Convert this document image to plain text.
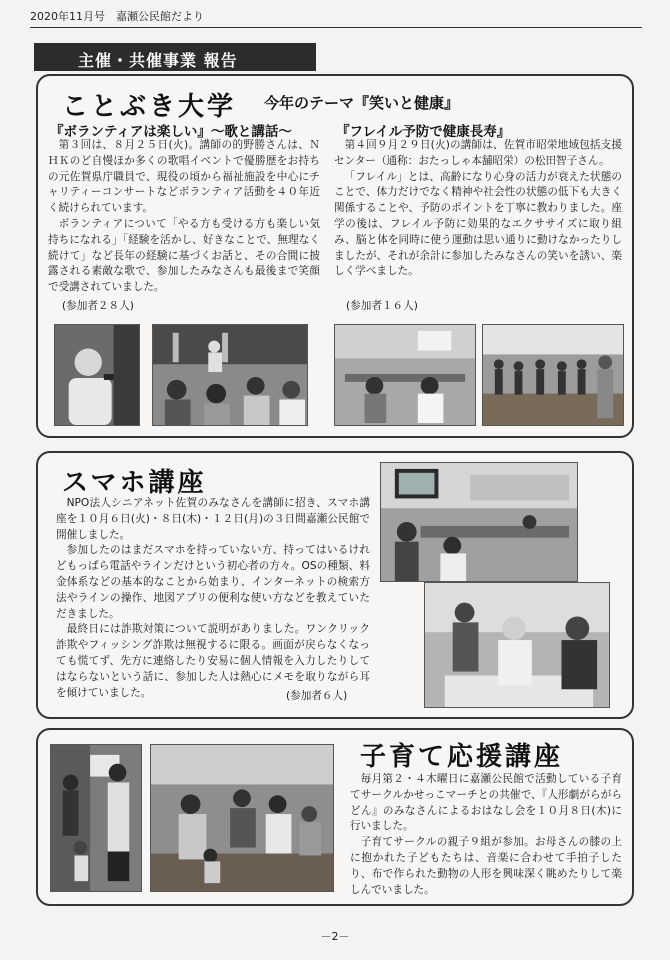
2020年11月号　嘉瀬公民館だより
主催・共催事業 報告
ことぶき大学 今年のテーマ『笑いと健康』
『ボランティアは楽しい』～歌と講話～

第３回は、８月２５日(火)。講師の的野勝さんは、ＮＨＫのど自慢ほか多くの歌唱イベントで優勝歴をお持ちの元佐賀県庁職員で、現役の頃から福祉施設を中心にチャリティーコンサートなどボランティア活動を４０年近く続けられています。

ボランティアについて「やる方も受ける方も楽しい気持ちになれる」「経験を活かし、好きなことで、無理なく続けて」など長年の経験に基づくお話と、その合間に披露される素敵な歌で、参加したみなさんも最後まで笑顔で受講されていました。

(参加者２８人)
『フレイル予防で健康長寿』

第４回９月２９日(火)の講師は、佐賀市昭栄地域包括支援センター（通称：おたっしゃ本舗昭栄）の松田智子さん。

「フレイル」とは、高齢になり心身の活力が衰えた状態のことで、体力だけでなく精神や社会性の状態の低下も大きく関係することや、予防のポイントを丁寧に教わりました。座学の後は、フレイル予防に効果的なエクササイズに取り組み、脳と体を同時に使う運動は思い通りに動けなかったりしましたが、それが余計に参加したみなさんの笑いを誘い、楽しく学べました。

(参加者１６人)
スマホ講座

NPO法人シニアネット佐賀のみなさんを講師に招き、スマホ講座を１０月６日(火)・８日(木)・１２日(月)の３日間嘉瀬公民館で開催しました。

参加したのはまだスマホを持っていない方、持ってはいるけれどもっぱら電話やラインだけという初心者の方々。OSの種類、料金体系などの基本的なことから始まり、インターネットの検索方法やラインの操作、地図アプリの便利な使い方などを教えていただきました。

最終日には詐欺対策について説明がありました。ワンクリック詐欺やフィッシング詐欺は無視するに限る。画面が戻らなくなっても慌てず、先方に連絡したり安易に個人情報を入力したりしてはならないという話に、参加した人は熱心にメモを取りながら耳を傾けていました。	(参加者６人)
子育て応援講座

毎月第２・４木曜日に嘉瀬公民館で活動している子育てサークルかせっこマーチとの共催で、『人形劇がらがらどん』のみなさんによるおはなし会を１０月８日(木)に行いました。

子育てサークルの親子９組が参加。お母さんの膝の上に抱かれた子どもたちは、音楽に合わせて手拍子したり、布で作られた動物の人形を興味深く眺めたりして楽しんでいました。

－2－
